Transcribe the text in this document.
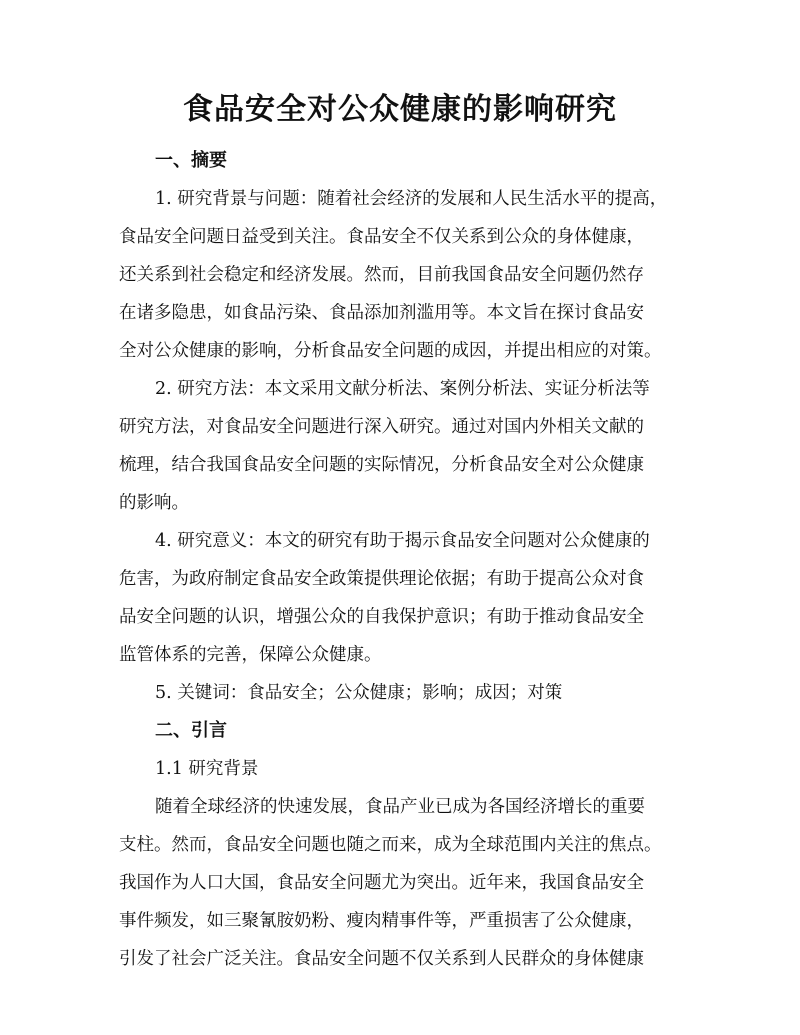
食品安全对公众健康的影响研究
一、摘要
1. 研究背景与问题：随着社会经济的发展和人民生活水平的提高，
食品安全问题日益受到关注。食品安全不仅关系到公众的身体健康，
还关系到社会稳定和经济发展。然而，目前我国食品安全问题仍然存
在诸多隐患，如食品污染、食品添加剂滥用等。本文旨在探讨食品安
全对公众健康的影响，分析食品安全问题的成因，并提出相应的对策。
2. 研究方法：本文采用文献分析法、案例分析法、实证分析法等
研究方法，对食品安全问题进行深入研究。通过对国内外相关文献的
梳理，结合我国食品安全问题的实际情况，分析食品安全对公众健康
的影响。
4. 研究意义：本文的研究有助于揭示食品安全问题对公众健康的
危害，为政府制定食品安全政策提供理论依据；有助于提高公众对食
品安全问题的认识，增强公众的自我保护意识；有助于推动食品安全
监管体系的完善，保障公众健康。
5. 关键词：食品安全；公众健康；影响；成因；对策
二、引言
1.1 研究背景
随着全球经济的快速发展，食品产业已成为各国经济增长的重要
支柱。然而，食品安全问题也随之而来，成为全球范围内关注的焦点。
我国作为人口大国，食品安全问题尤为突出。近年来，我国食品安全
事件频发，如三聚氰胺奶粉、瘦肉精事件等，严重损害了公众健康，
引发了社会广泛关注。食品安全问题不仅关系到人民群众的身体健康
